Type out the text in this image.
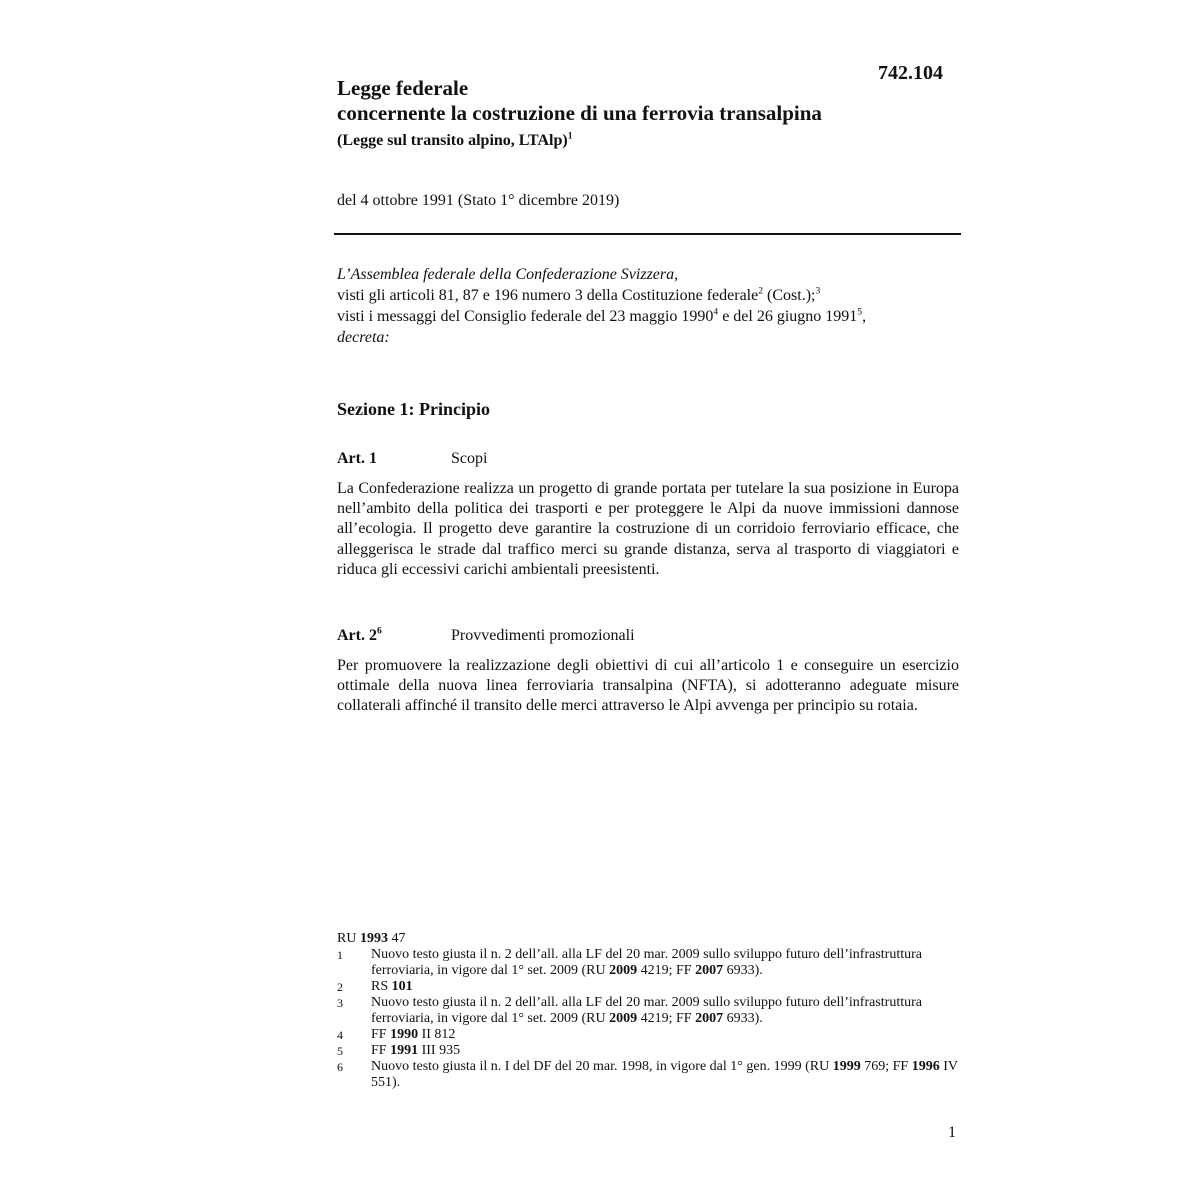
742.104
Legge federale
concernente la costruzione di una ferrovia transalpina
(Legge sul transito alpino, LTAlp)$^1$
del 4 ottobre 1991 (Stato 1° dicembre 2019)
L’Assemblea federale della Confederazione Svizzera,
visti gli articoli 81, 87 e 196 numero 3 della Costituzione federale$^2$ (Cost.);$^3$
visti i messaggi del Consiglio federale del 23 maggio 1990$^4$ e del 26 giugno 1991$^5$,
decreta:
Sezione 1: Principio
Art. 1	Scopi
La Confederazione realizza un progetto di grande portata per tutelare la sua posizione in Europa nell’ambito della politica dei trasporti e per proteggere le Alpi da nuove immissioni dannose all’ecologia. Il progetto deve garantire la costruzione di un corridoio ferroviario efficace, che alleggerisca le strade dal traffico merci su grande distanza, serva al trasporto di viaggiatori e riduca gli eccessivi carichi ambientali preesistenti.
Art. $2^6$	Provvedimenti promozionali
Per promuovere la realizzazione degli obiettivi di cui all’articolo 1 e conseguire un esercizio ottimale della nuova linea ferroviaria transalpina (NFTA), si adotteranno adeguate misure collaterali affinché il transito delle merci attraverso le Alpi avvenga per principio su rotaia.
RU 1993 47
1	Nuovo testo giusta il n. 2 dell’all. alla LF del 20 mar. 2009 sullo sviluppo futuro dell’infrastruttura ferroviaria, in vigore dal 1° set. 2009 (RU 2009 4219; FF 2007 6933).
2	RS 101
3	Nuovo testo giusta il n. 2 dell’all. alla LF del 20 mar. 2009 sullo sviluppo futuro dell’infrastruttura ferroviaria, in vigore dal 1° set. 2009 (RU 2009 4219; FF 2007 6933).
4	FF 1990 II 812
5	FF 1991 III 935
6	Nuovo testo giusta il n. I del DF del 20 mar. 1998, in vigore dal 1° gen. 1999 (RU 1999 769; FF 1996 IV 551).
1
